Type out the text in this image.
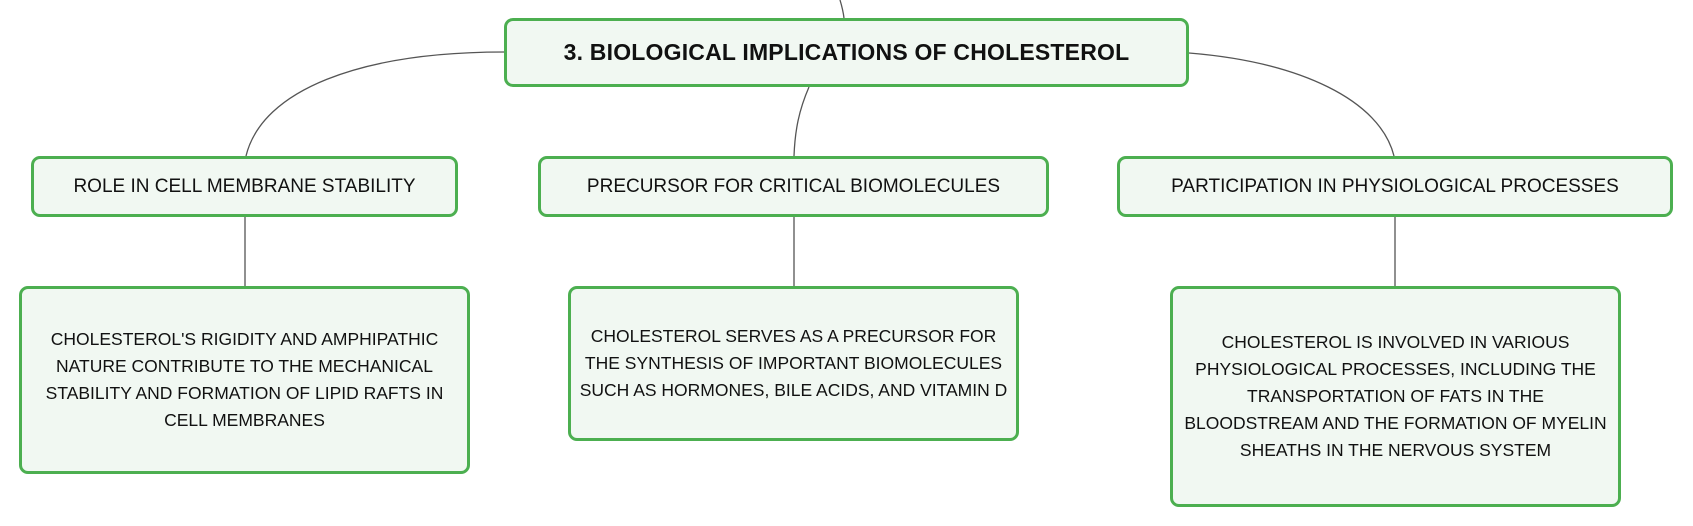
3. BIOLOGICAL IMPLICATIONS OF CHOLESTEROL
ROLE IN CELL MEMBRANE STABILITY	PRECURSOR FOR CRITICAL BIOMOLECULES	PARTICIPATION IN PHYSIOLOGICAL PROCESSES
CHOLESTEROL'S RIGIDITY AND AMPHIPATHIC NATURE CONTRIBUTE TO THE MECHANICAL STABILITY AND FORMATION OF LIPID RAFTS IN CELL MEMBRANES
CHOLESTEROL SERVES AS A PRECURSOR FOR THE SYNTHESIS OF IMPORTANT BIOMOLECULES SUCH AS HORMONES, BILE ACIDS, AND VITAMIN D
CHOLESTEROL IS INVOLVED IN VARIOUS PHYSIOLOGICAL PROCESSES, INCLUDING THE TRANSPORTATION OF FATS IN THE BLOODSTREAM AND THE FORMATION OF MYELIN SHEATHS IN THE NERVOUS SYSTEM
